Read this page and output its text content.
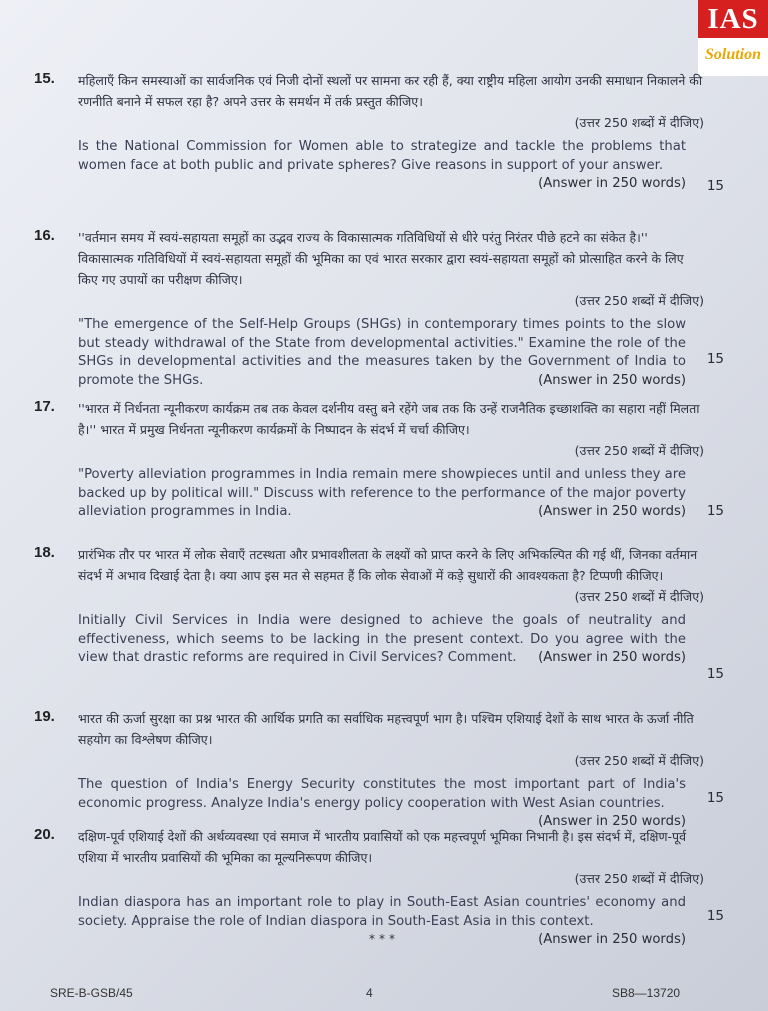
IAS
Solution
15. महिलाएँ किन समस्याओं का सार्वजनिक एवं निजी दोनों स्थलों पर सामना कर रही हैं, क्या राष्ट्रीय महिला आयोग उनकी समाधान निकालने की रणनीति बनाने में सफल रहा है? अपने उत्तर के समर्थन में तर्क प्रस्तुत कीजिए।
(उत्तर 250 शब्दों में दीजिए)
Is the National Commission for Women able to strategize and tackle the problems that women face at both public and private spheres? Give reasons in support of your answer.
(Answer in 250 words) 15
16. ''वर्तमान समय में स्वयं-सहायता समूहों का उद्भव राज्य के विकासात्मक गतिविधियों से धीरे परंतु निरंतर पीछे हटने का संकेत है।'' विकासात्मक गतिविधियों में स्वयं-सहायता समूहों की भूमिका का एवं भारत सरकार द्वारा स्वयं-सहायता समूहों को प्रोत्साहित करने के लिए किए गए उपायों का परीक्षण कीजिए।
(उत्तर 250 शब्दों में दीजिए)
"The emergence of the Self-Help Groups (SHGs) in contemporary times points to the slow but steady withdrawal of the State from developmental activities." Examine the role of the SHGs in developmental activities and the measures taken by the Government of India to promote the SHGs.	(Answer in 250 words)
15
17. ''भारत में निर्धनता न्यूनीकरण कार्यक्रम तब तक केवल दर्शनीय वस्तु बने रहेंगे जब तक कि उन्हें राजनैतिक इच्छाशक्ति का सहारा नहीं मिलता है।'' भारत में प्रमुख निर्धनता न्यूनीकरण कार्यक्रमों के निष्पादन के संदर्भ में चर्चा कीजिए।
(उत्तर 250 शब्दों में दीजिए)
"Poverty alleviation programmes in India remain mere showpieces until and unless they are backed up by political will." Discuss with reference to the performance of the major poverty alleviation programmes in India.	(Answer in 250 words) 15
18. प्रारंभिक तौर पर भारत में लोक सेवाएँ तटस्थता और प्रभावशीलता के लक्ष्यों को प्राप्त करने के लिए अभिकल्पित की गई थीं, जिनका वर्तमान संदर्भ में अभाव दिखाई देता है। क्या आप इस मत से सहमत हैं कि लोक सेवाओं में कड़े सुधारों की आवश्यकता है? टिप्पणी कीजिए।
(उत्तर 250 शब्दों में दीजिए)
Initially Civil Services in India were designed to achieve the goals of neutrality and effectiveness, which seems to be lacking in the present context. Do you agree with the view that drastic reforms are required in Civil Services? Comment. (Answer in 250 words)
15
19. भारत की ऊर्जा सुरक्षा का प्रश्न भारत की आर्थिक प्रगति का सर्वाधिक महत्त्वपूर्ण भाग है। पश्चिम एशियाई देशों के साथ भारत के ऊर्जा नीति सहयोग का विश्लेषण कीजिए।
(उत्तर 250 शब्दों में दीजिए)
The question of India's Energy Security constitutes the most important part of India's economic progress. Analyze India's energy policy cooperation with West Asian countries.
(Answer in 250 words)
15
20. दक्षिण-पूर्व एशियाई देशों की अर्थव्यवस्था एवं समाज में भारतीय प्रवासियों को एक महत्त्वपूर्ण भूमिका निभानी है। इस संदर्भ में, दक्षिण-पूर्व एशिया में भारतीय प्रवासियों की भूमिका का मूल्यनिरूपण कीजिए।
(उत्तर 250 शब्दों में दीजिए)
Indian diaspora has an important role to play in South-East Asian countries' economy and society. Appraise the role of Indian diaspora in South-East Asia in this context.
(Answer in 250 words)
15
***
SRE-B-GSB/45	4	SB8—13720
